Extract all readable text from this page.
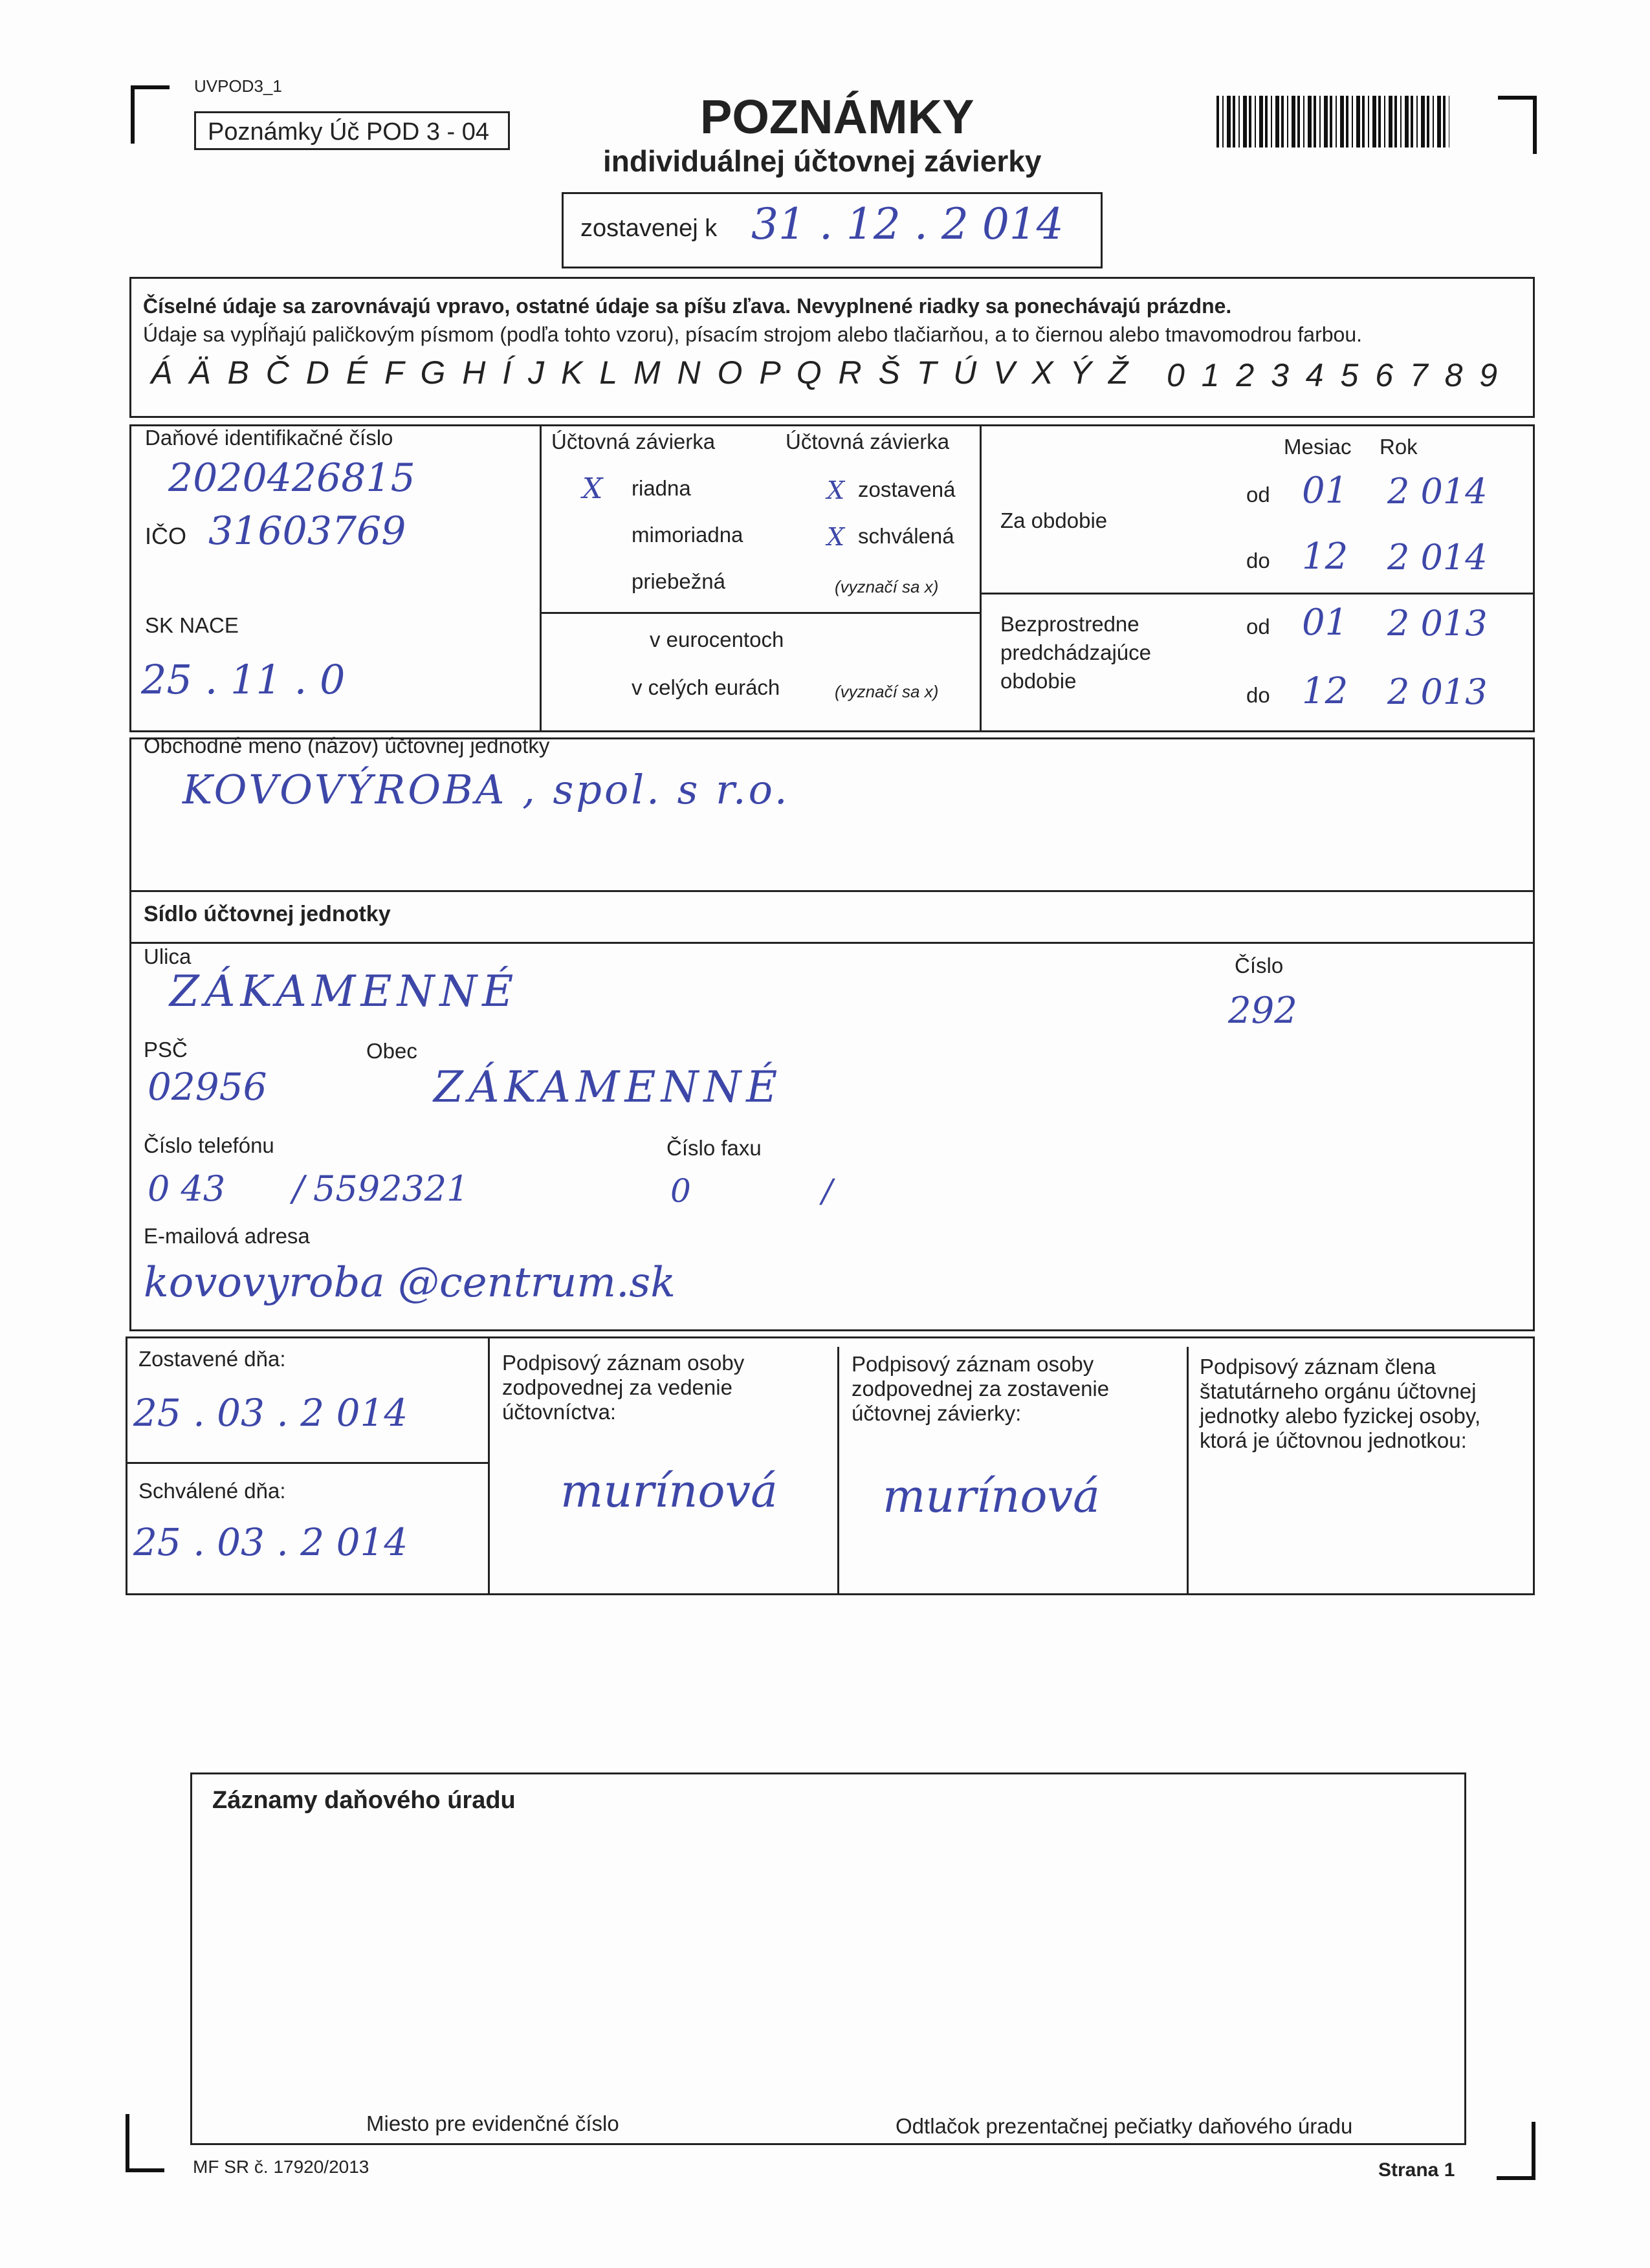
UVPOD3_1
Poznámky Úč POD 3 - 04	POZNÁMKY
individuálnej účtovnej závierky
zostavenej k 31 . 12 . 2 014
Číselné údaje sa zarovnávajú vpravo, ostatné údaje sa píšu zľava. Nevyplnené riadky sa ponechávajú prázdne.
Údaje sa vypĺňajú paličkovým písmom (podľa tohto vzoru), písacím strojom alebo tlačiarňou, a to čiernou alebo tmavomodrou farbou.
Á Ä B Č D É F G H Í J K L M N O P Q R Š T Ú V X Ý Ž 0 1 2 3 4 5 6 7 8 9
Daňové identifikačné číslo
2020426815
IČO 31603769
SK NACE
25 . 11 . 0
Účtovná závierka	Účtovná závierka
X riadna
mimoriadna
priebežná
X zostavená
X schválená
(vyznačí sa x)
v eurocentoch
v celých eurách	(vyznačí sa x)
Mesiac Rok
Za obdobie
od 01 2 014
do 12 2 014
Bezprostredne
predchádzajúce
obdobie
od 01 2 013
do 12 2 013
Obchodné meno (názov) účtovnej jednotky
KOVOVÝROBA , spol. s r.o.
Sídlo účtovnej jednotky
Ulica
ZÁKAMENNÉ
Číslo
292
PSČ
02956
Obec
ZÁKAMENNÉ
Číslo telefónu
0 43 / 5592321
Číslo faxu
0	/
E-mailová adresa
kovovyroba @centrum.sk
Zostavené dňa:
25 . 03 . 2 014
Schválené dňa:
25 . 03 . 2 014
Podpisový záznam osoby
zodpovednej za vedenie
účtovníctva:
murínová
Podpisový záznam osoby
zodpovednej za zostavenie
účtovnej závierky:
murínová
Podpisový záznam člena
štatutárneho orgánu účtovnej
jednotky alebo fyzickej osoby,
ktorá je účtovnou jednotkou:
Záznamy daňového úradu
Miesto pre evidenčné číslo	Odtlačok prezentačnej pečiatky daňového úradu
MF SR č. 17920/2013	Strana 1
